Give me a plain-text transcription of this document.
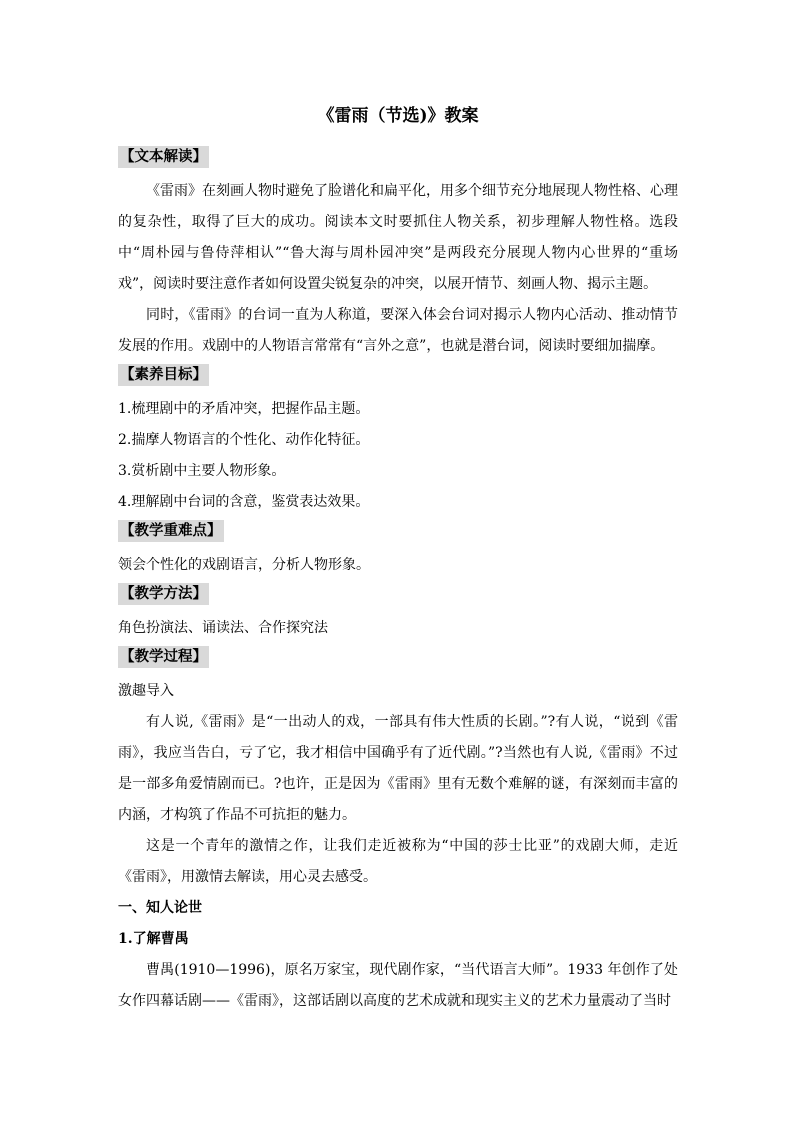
《雷雨（节选)》教案
【文本解读】

《雷雨》在刻画人物时避免了脸谱化和扁平化，用多个细节充分地展现人物性格、心理的复杂性，取得了巨大的成功。阅读本文时要抓住人物关系，初步理解人物性格。选段中“周朴园与鲁侍萍相认”“鲁大海与周朴园冲突”是两段充分展现人物内心世界的“重场戏”，阅读时要注意作者如何设置尖锐复杂的冲突，以展开情节、刻画人物、揭示主题。

同时，《雷雨》的台词一直为人称道，要深入体会台词对揭示人物内心活动、推动情节发展的作用。戏剧中的人物语言常常有“言外之意”，也就是潜台词，阅读时要细加揣摩。

【素养目标】

1.梳理剧中的矛盾冲突，把握作品主题。

2.揣摩人物语言的个性化、动作化特征。

3.赏析剧中主要人物形象。

4.理解剧中台词的含意，鉴赏表达效果。

【教学重难点】

领会个性化的戏剧语言，分析人物形象。

【教学方法】

角色扮演法、诵读法、合作探究法

【教学过程】

激趣导入

有人说,《雷雨》是“一出动人的戏，一部具有伟大性质的长剧。”?有人说，“说到《雷雨》，我应当告白，亏了它，我才相信中国确乎有了近代剧。”?当然也有人说,《雷雨》不过是一部多角爱情剧而已。?也许，正是因为《雷雨》里有无数个难解的谜，有深刻而丰富的内涵，才构筑了作品不可抗拒的魅力。

这是一个青年的激情之作，让我们走近被称为“中国的莎士比亚”的戏剧大师，走近《雷雨》，用激情去解读，用心灵去感受。

一、知人论世

1.了解曹禺

曹禺(1910—1996)，原名万家宝，现代剧作家，“当代语言大师”。1933 年创作了处女作四幕话剧——《雷雨》，这部话剧以高度的艺术成就和现实主义的艺术力量震动了当时
